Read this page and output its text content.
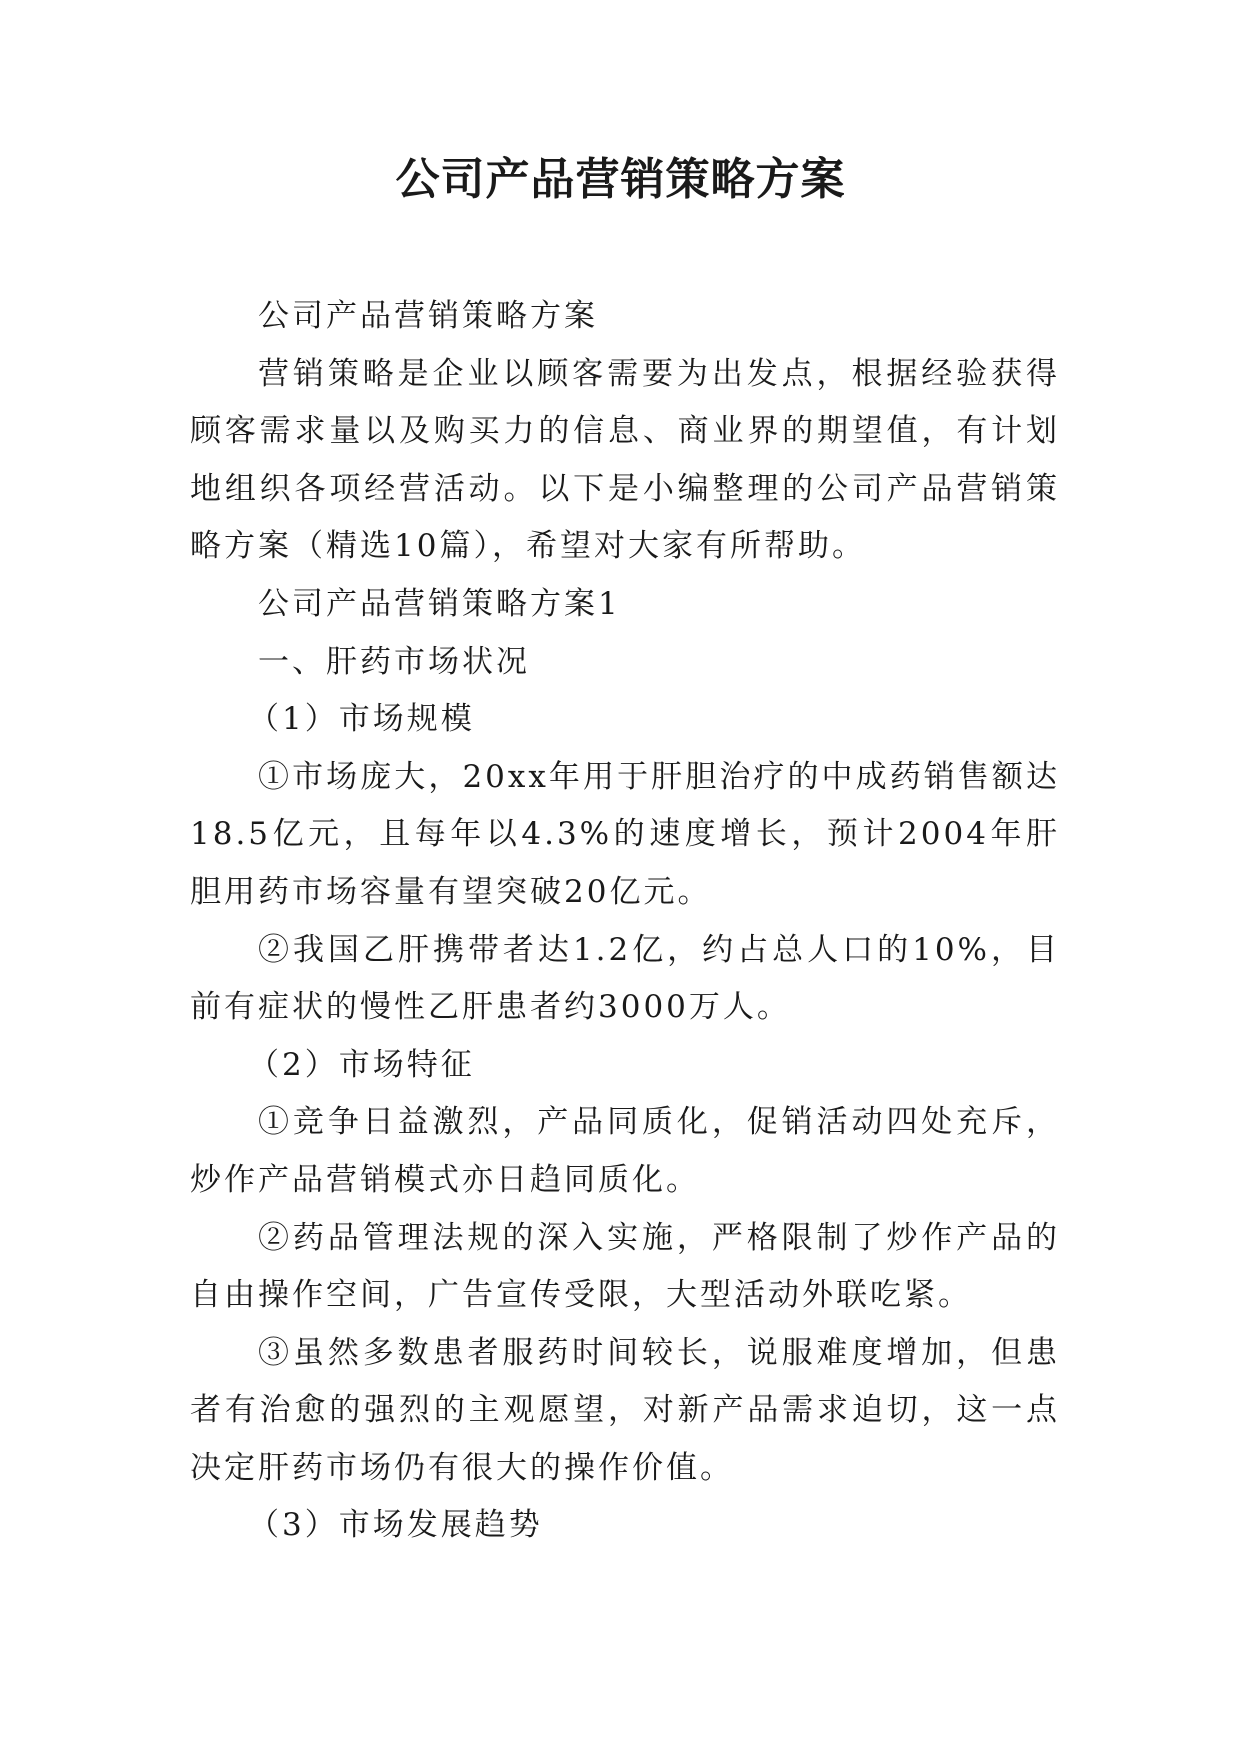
公司产品营销策略方案

公司产品营销策略方案

营销策略是企业以顾客需要为出发点，根据经验获得顾客需求量以及购买力的信息、商业界的期望值，有计划地组织各项经营活动。以下是小编整理的公司产品营销策略方案（精选10篇），希望对大家有所帮助。

公司产品营销策略方案1

一、肝药市场状况

（1）市场规模

①市场庞大，20xx年用于肝胆治疗的中成药销售额达18.5亿元，且每年以4.3%的速度增长，预计2004年肝胆用药市场容量有望突破20亿元。

②我国乙肝携带者达1.2亿，约占总人口的10%，目前有症状的慢性乙肝患者约3000万人。

（2）市场特征

①竞争日益激烈，产品同质化，促销活动四处充斥，炒作产品营销模式亦日趋同质化。

②药品管理法规的深入实施，严格限制了炒作产品的自由操作空间，广告宣传受限，大型活动外联吃紧。

③虽然多数患者服药时间较长，说服难度增加，但患者有治愈的强烈的主观愿望，对新产品需求迫切，这一点决定肝药市场仍有很大的操作价值。

（3）市场发展趋势
